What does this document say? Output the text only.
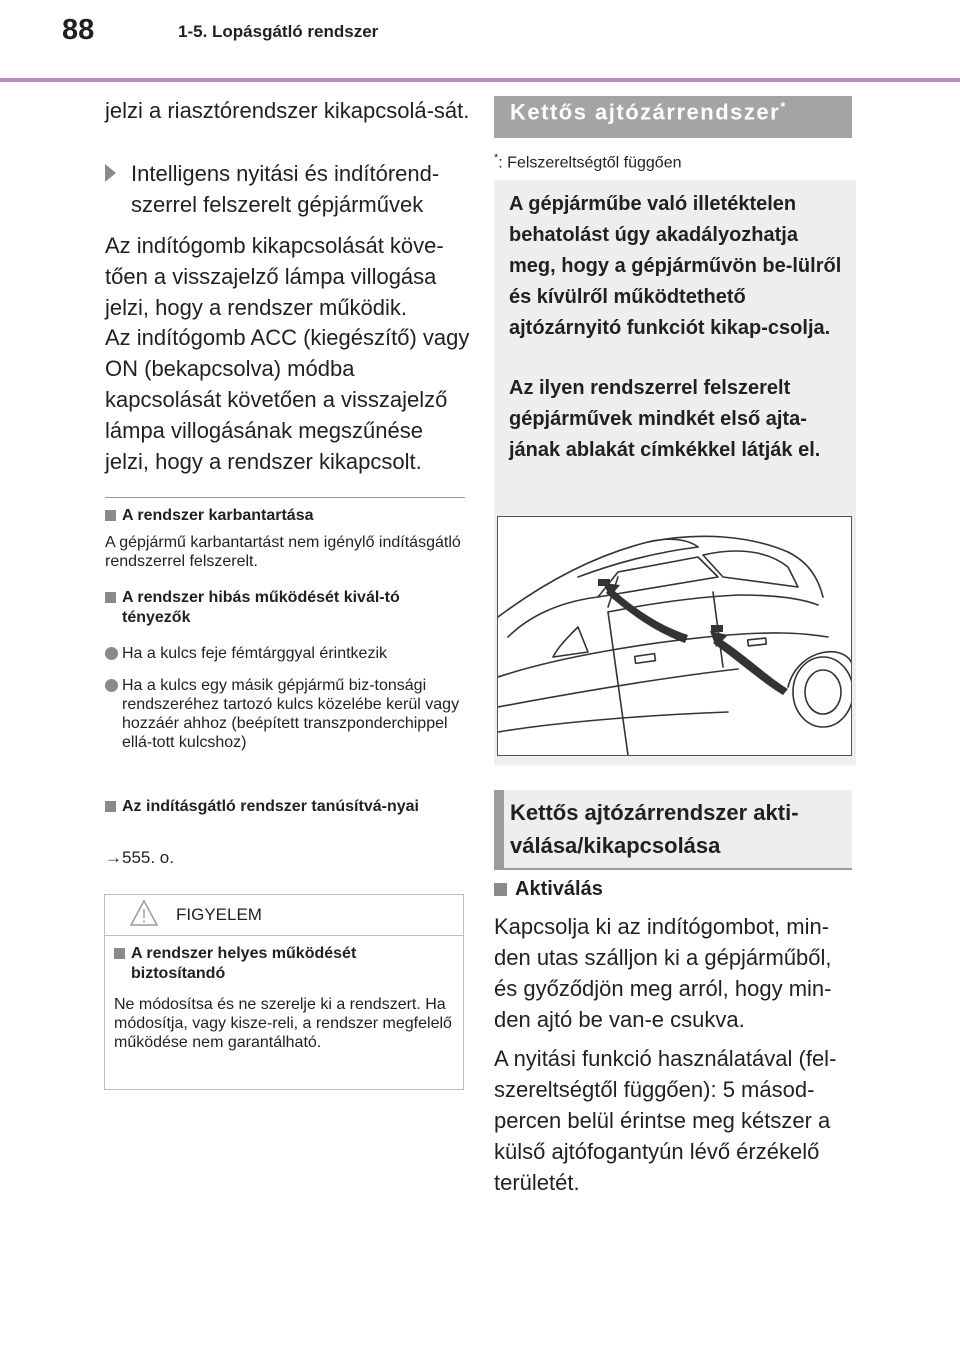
88	1-5. Lopásgátló rendszer
jelzi a riasztórendszer kikapcsolá-sát.
Intelligens nyitási és indítórend-szerrel felszerelt gépjárművek
Az indítógomb kikapcsolását köve-tően a visszajelző lámpa villogása jelzi, hogy a rendszer működik.
Az indítógomb ACC (kiegészítő) vagy ON (bekapcsolva) módba kapcsolását követően a visszajelző lámpa villogásának megszűnése jelzi, hogy a rendszer kikapcsolt.
A rendszer karbantartása
A gépjármű karbantartást nem igénylő indításgátló rendszerrel felszerelt.
A rendszer hibás működését kivál-tó tényezők
Ha a kulcs feje fémtárggyal érintkezik
Ha a kulcs egy másik gépjármű biz-tonsági rendszeréhez tartozó kulcs közelébe kerül vagy hozzáér ahhoz (beépített transzponderchippel ellá-tott kulcshoz)
Az indításgátló rendszer tanúsítvá-nyai
→555. o.
FIGYELEM
A rendszer helyes működését biztosítandó
Ne módosítsa és ne szerelje ki a rendszert. Ha módosítja, vagy kisze-reli, a rendszer megfelelő működése nem garantálható.
Kettős ajtózárrendszer*
*: Felszereltségtől függően
A gépjárműbe való illetéktelen behatolást úgy akadályozhatja meg, hogy a gépjárművön be-lülről és kívülről működtethető ajtózárnyitó funkciót kikap-csolja.
Az ilyen rendszerrel felszerelt gépjárművek mindkét első ajta-jának ablakát címkékkel látják el.
Kettős ajtózárrendszer akti-válása/kikapcsolása
Aktiválás
Kapcsolja ki az indítógombot, min-den utas szálljon ki a gépjárműből, és győződjön meg arról, hogy min-den ajtó be van-e csukva.
A nyitási funkció használatával (fel-szereltségtől függően): 5 másod-percen belül érintse meg kétszer a külső ajtófogantyún lévő érzékelő területét.
